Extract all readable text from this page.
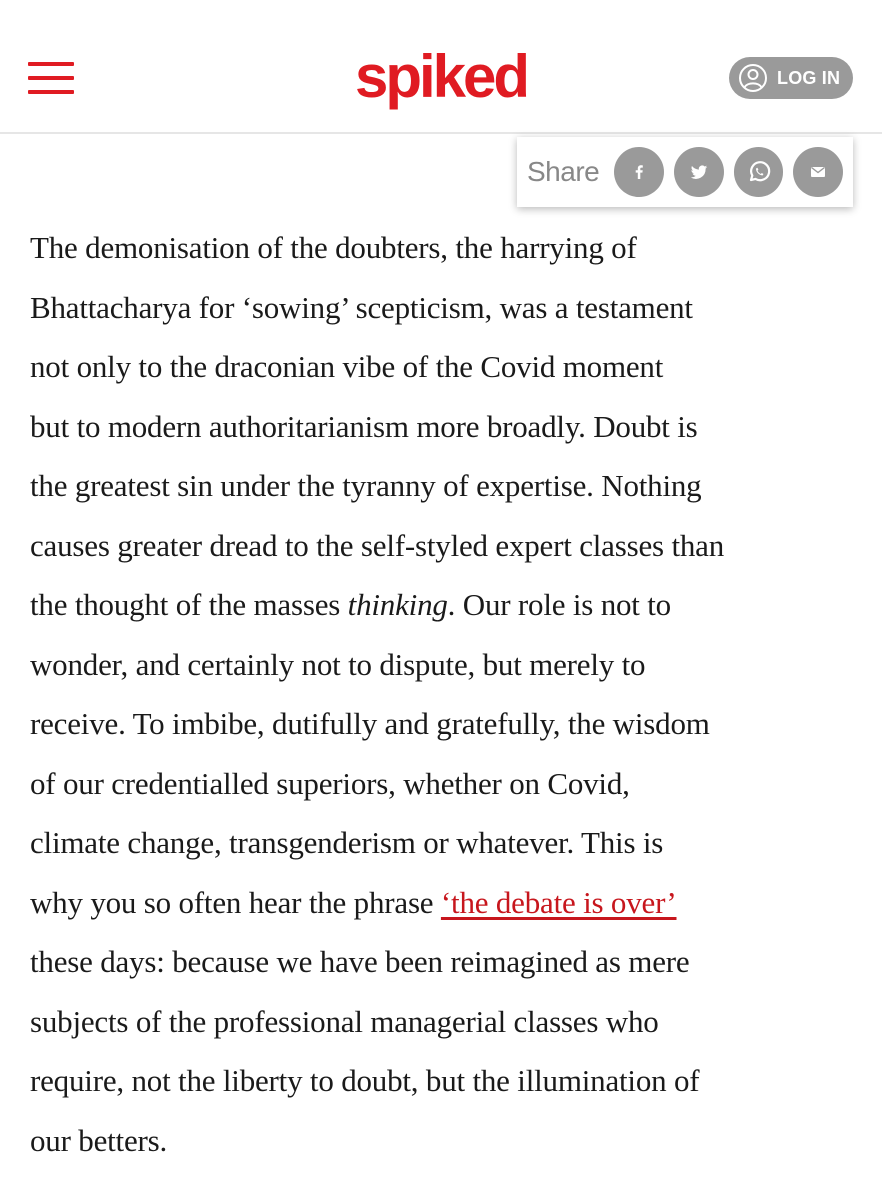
spiked	LOG IN
Share
The demonisation of the doubters, the harrying of
Bhattacharya for ‘sowing’ scepticism, was a testament
not only to the draconian vibe of the Covid moment
but to modern authoritarianism more broadly. Doubt is
the greatest sin under the tyranny of expertise. Nothing
causes greater dread to the self-styled expert classes than
the thought of the masses thinking. Our role is not to
wonder, and certainly not to dispute, but merely to
receive. To imbibe, dutifully and gratefully, the wisdom
of our credentialled superiors, whether on Covid,
climate change, transgenderism or whatever. This is
why you so often hear the phrase ‘the debate is over’
these days: because we have been reimagined as mere
subjects of the professional managerial classes who
require, not the liberty to doubt, but the illumination of
our betters.
